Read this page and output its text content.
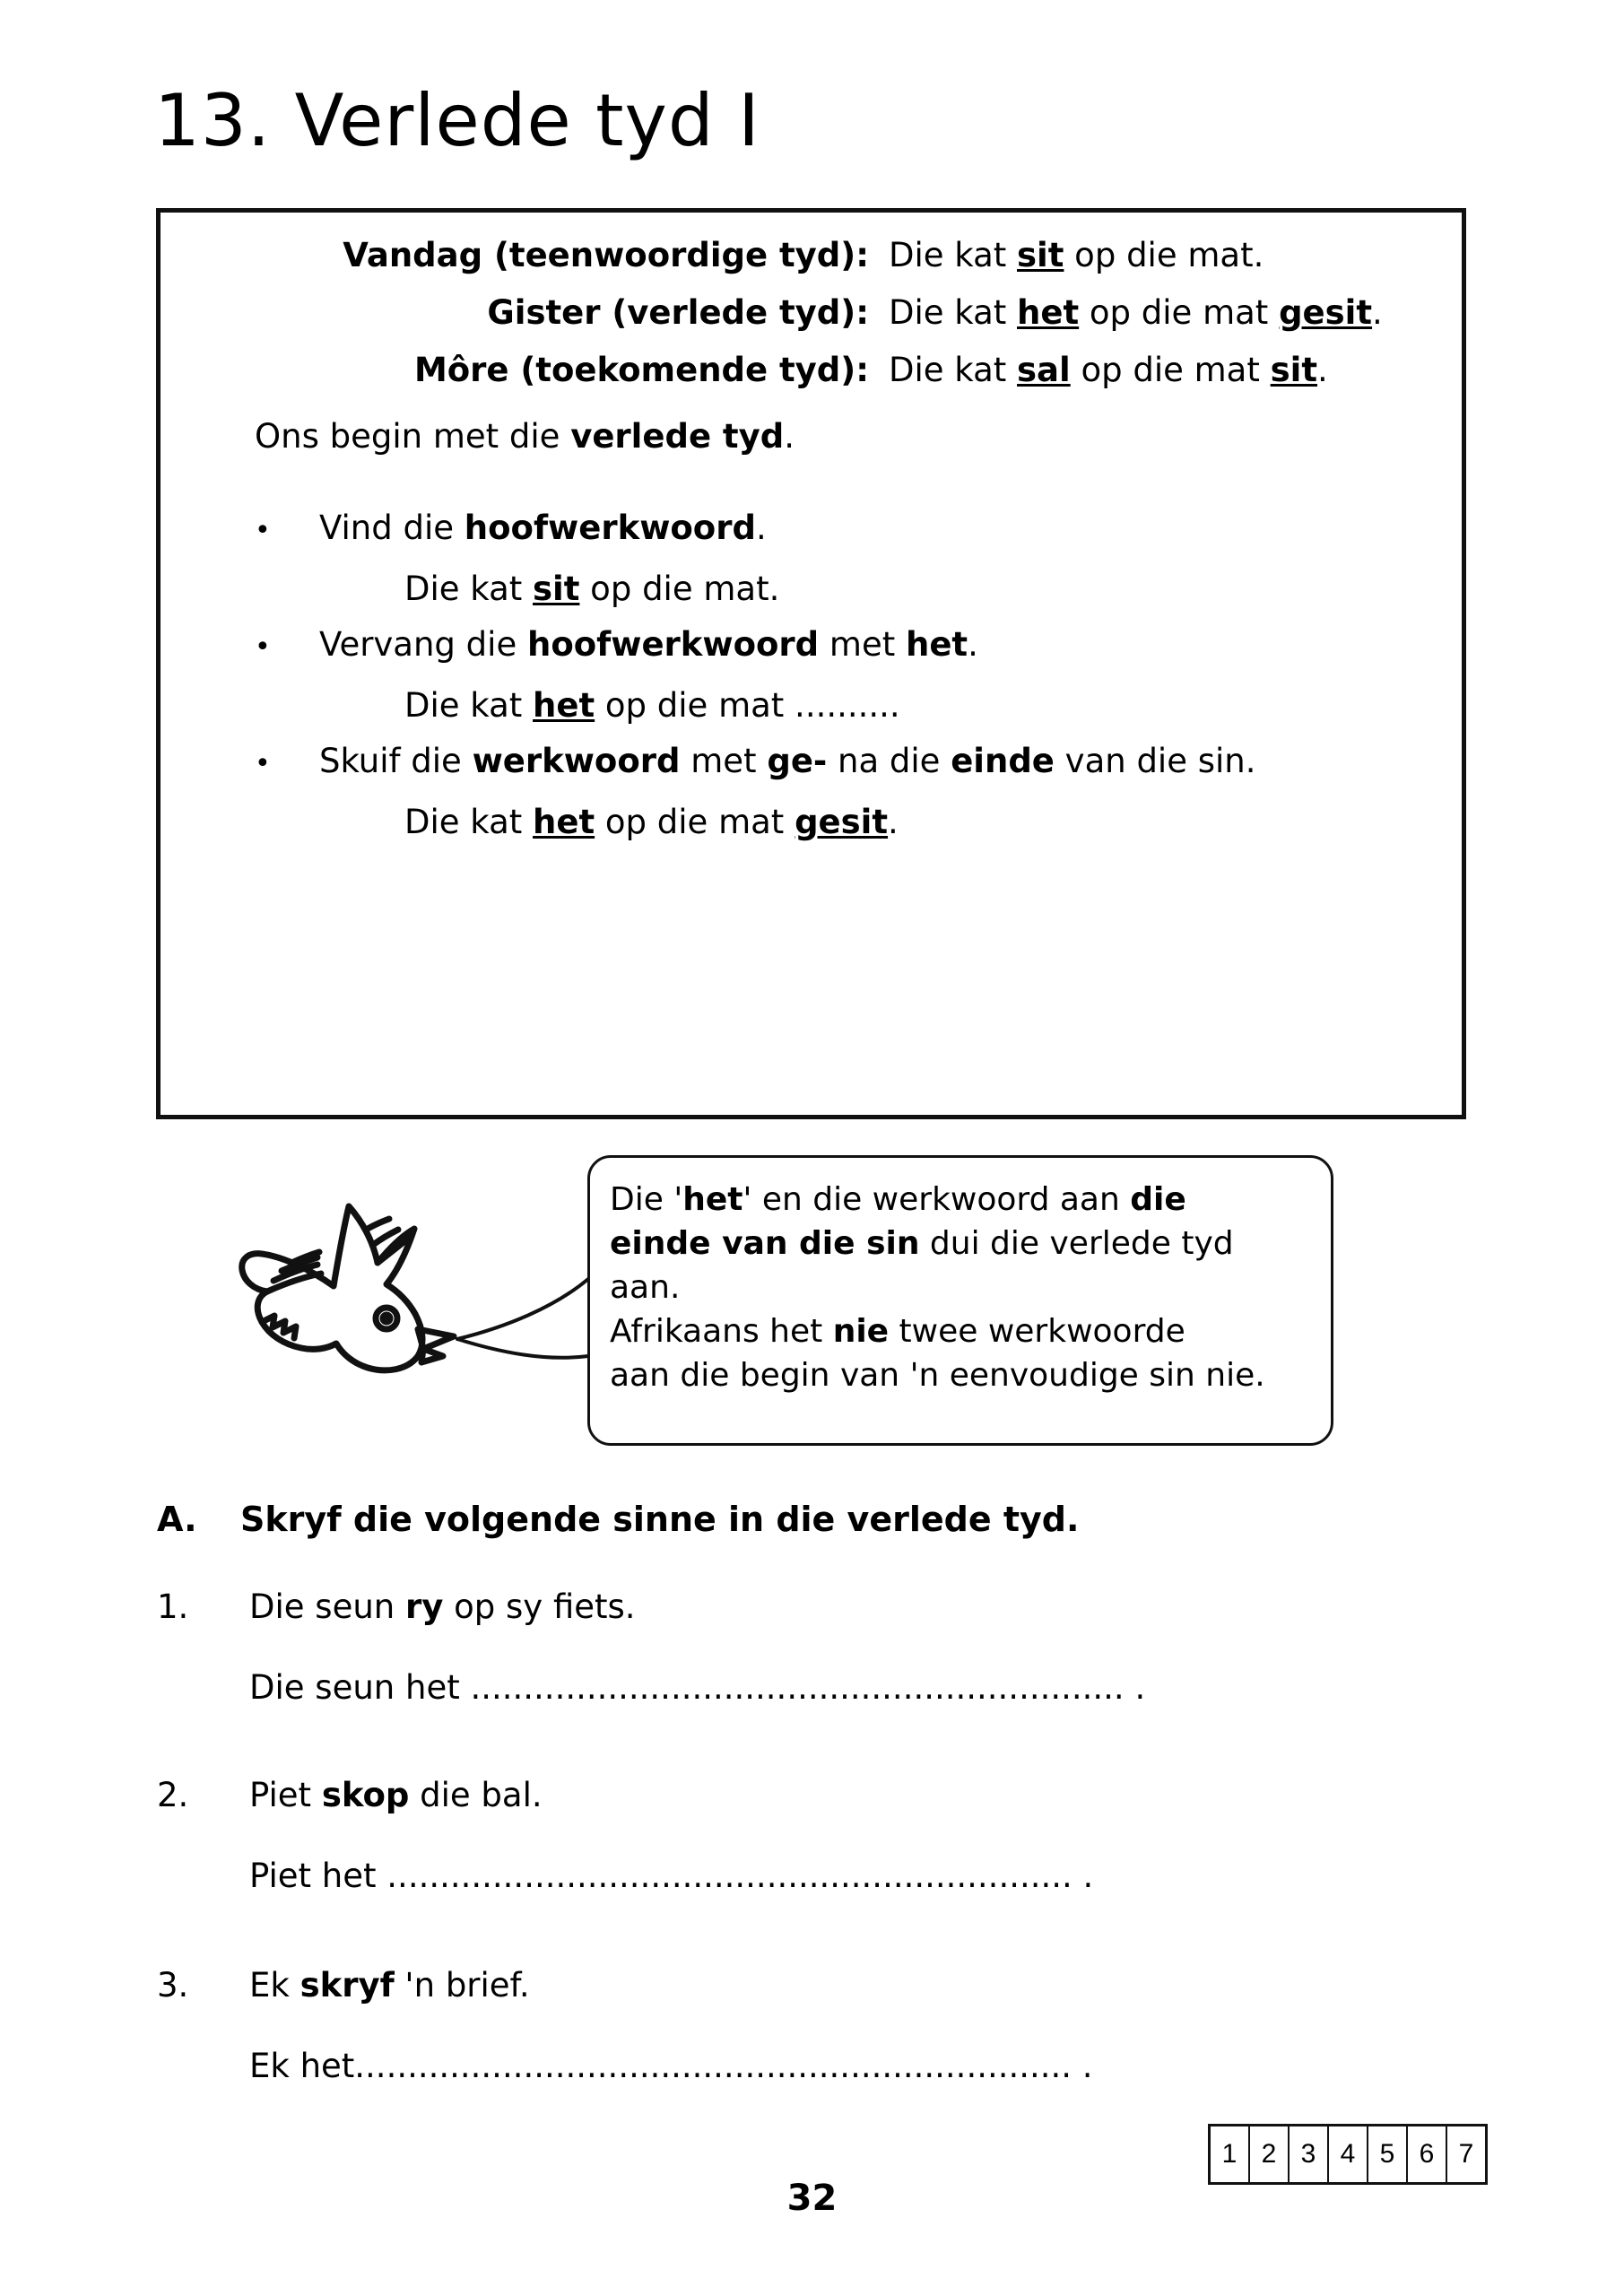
13. Verlede tyd I
Vandag (teenwoordige tyd): Die kat sit op die mat.
Gister (verlede tyd): Die kat het op die mat gesit.
Môre (toekomende tyd): Die kat sal op die mat sit.
Ons begin met die verlede tyd.
• Vind die hoofwerkwoord.
Die kat sit op die mat.
• Vervang die hoofwerkwoord met het.
Die kat het op die mat ..........
• Skuif die werkwoord met ge- na die einde van die sin.
Die kat het op die mat gesit.
Die 'het' en die werkwoord aan die
einde van die sin dui die verlede tyd
aan.
Afrikaans het nie twee werkwoorde
aan die begin van 'n eenvoudige sin nie.
A. Skryf die volgende sinne in die verlede tyd.
1. Die seun ry op sy fiets.
Die seun het .............................................................. .
2. Piet skop die bal.
Piet het ................................................................. .
3. Ek skryf 'n brief.
Ek het.................................................................... .
32
1 2 3 4 5 6 7
